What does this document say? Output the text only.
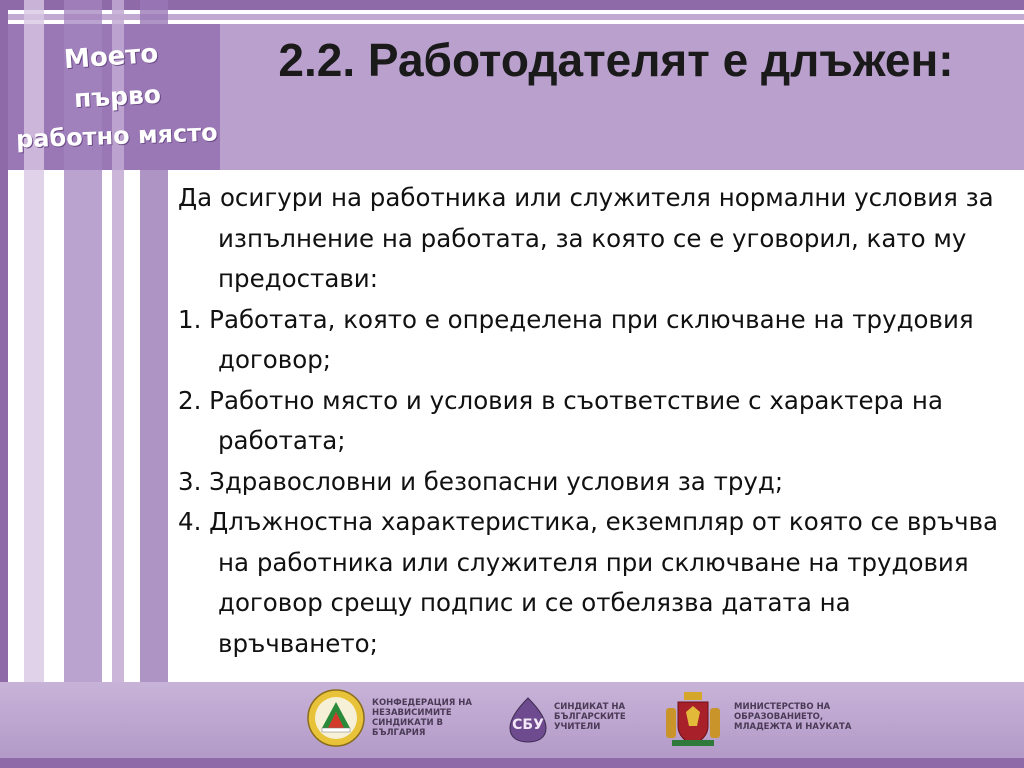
Моето
първо
работно място
2.2. Работодателят е длъжен:

Да осигури на работника или служителя нормални условия за изпълнение на работата, за която се е уговорил, като му предостави:

1. Работата, която е определена при сключване на трудовия договор;

2. Работно място и условия в съответствие с характера на работата;

3. Здравословни и безопасни условия за труд;

4. Длъжностна характеристика, екземпляр от която се връчва на работника или служителя при сключване на трудовия договор срещу подпис и се отбелязва датата на връчването;

КОНФЕДЕРАЦИЯ НА
НЕЗАВИСИМИТЕ
СИНДИКАТИ В
БЪЛГАРИЯ	СБУ
СИНДИКАТ НА
БЪЛГАРСКИТЕ
УЧИТЕЛИ
МИНИСТЕРСТВО НА
ОБРАЗОВАНИЕТО,
МЛАДЕЖТА И НАУКАТА
